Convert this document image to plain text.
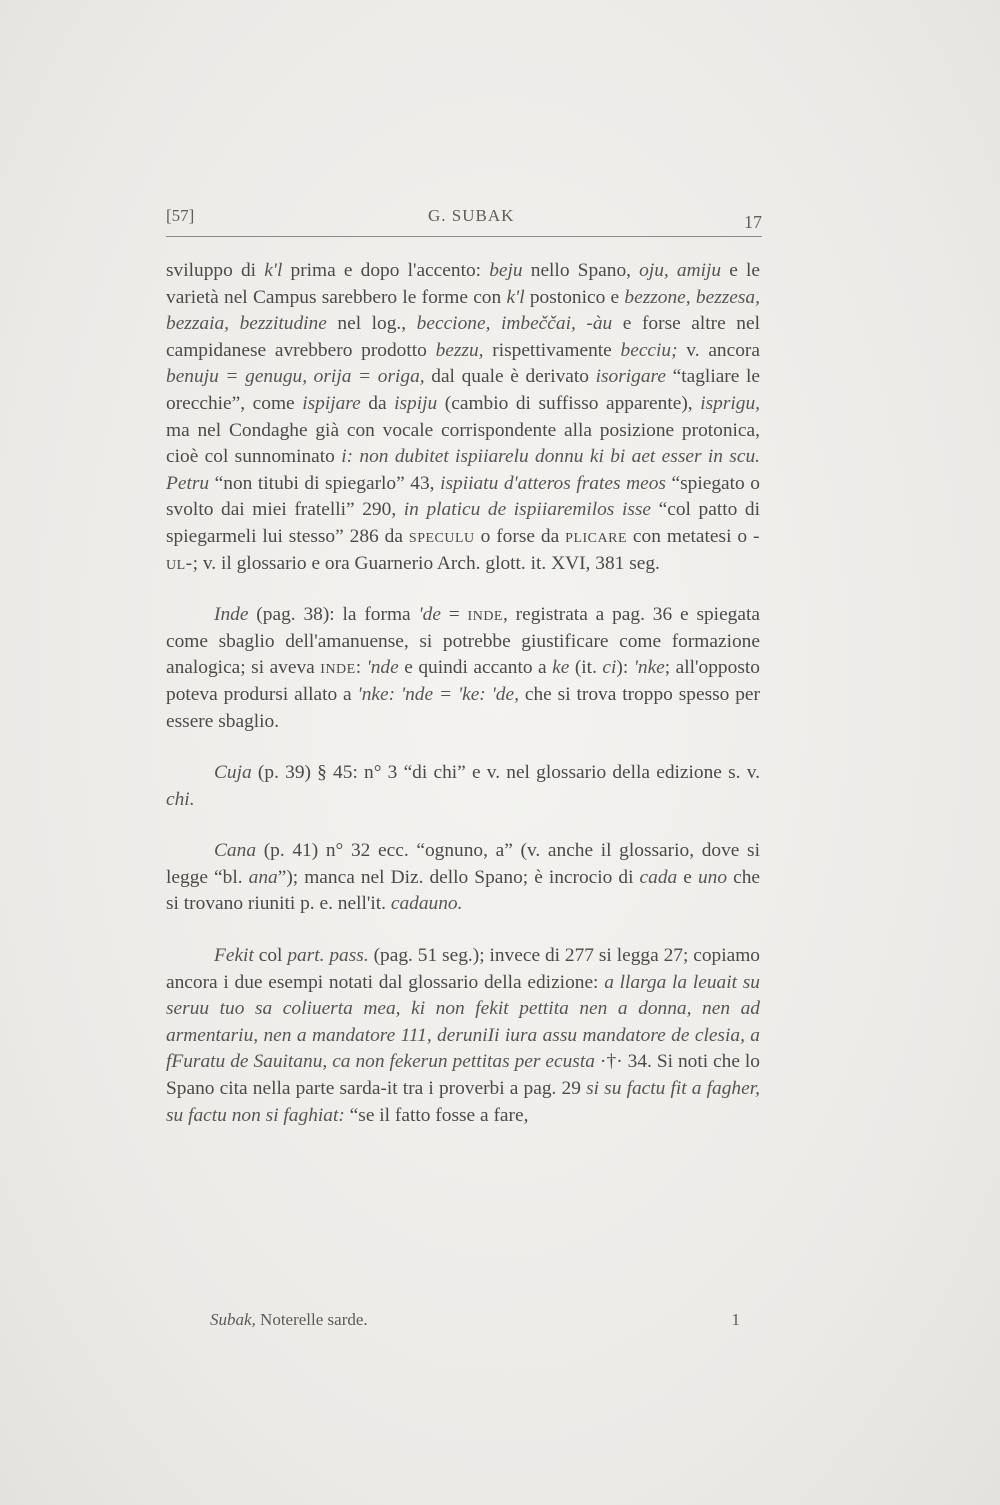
[57]	G. SUBAK	17

sviluppo di k'l prima e dopo l'accento: beju nello Spano, oju, amiju e le varietà nel Campus sarebbero le forme con k'l postonico e bezzone, bezzesa, bezzaia, bezzitudine nel log., beccione, imbeččai, -àu e forse altre nel campidanese avrebbero prodotto bezzu, rispettivamente becciu; v. ancora benuju = genugu, orija = origa, dal quale è derivato isorigare “tagliare le orecchie”, come ispijare da ispiju (cambio di suffisso apparente), isprigu, ma nel Condaghe già con vocale corrispondente alla posizione protonica, cioè col sunnominato i: non dubitet ispiiarelu donnu ki bi aet esser in scu. Petru “non titubi di spiegarlo” 43, ispiiatu d'atteros frates meos “spiegato o svolto dai miei fratelli” 290, in platicu de ispiiaremilos isse “col patto di spiegarmeli lui stesso” 286 da speculu o forse da plicare con metatesi o -ul-; v. il glossario e ora Guarnerio Arch. glott. it. XVI, 381 seg.

Inde (pag. 38): la forma 'de = inde, registrata a pag. 36 e spiegata come sbaglio dell'amanuense, si potrebbe giustificare come formazione analogica; si aveva inde: 'nde e quindi accanto a ke (it. ci): 'nke; all'opposto poteva prodursi allato a 'nke: 'nde = 'ke: 'de, che si trova troppo spesso per essere sbaglio.

Cuja (p. 39) § 45: n° 3 “di chi” e v. nel glossario della edizione s. v. chi.

Cana (p. 41) n° 32 ecc. “ognuno, a” (v. anche il glossario, dove si legge “bl. ana”); manca nel Diz. dello Spano; è incrocio di cada e uno che si trovano riuniti p. e. nell'it. cadauno.

Fekit col part. pass. (pag. 51 seg.); invece di 277 si legga 27; copiamo ancora i due esempi notati dal glossario della edizione: a llarga la leuait su seruu tuo sa coliuerta mea, ki non fekit pettita nen a donna, nen ad armentariu, nen a mandatore 111, deruniIi iura assu mandatore de clesia, a fFuratu de Sauitanu, ca non fekerun pettitas per ecusta ·†· 34. Si noti che lo Spano cita nella parte sarda-it tra i proverbi a pag. 29 si su factu fit a fagher, su factu non si faghiat: “se il fatto fosse a fare,

Subak, Noterelle sarde.	1
